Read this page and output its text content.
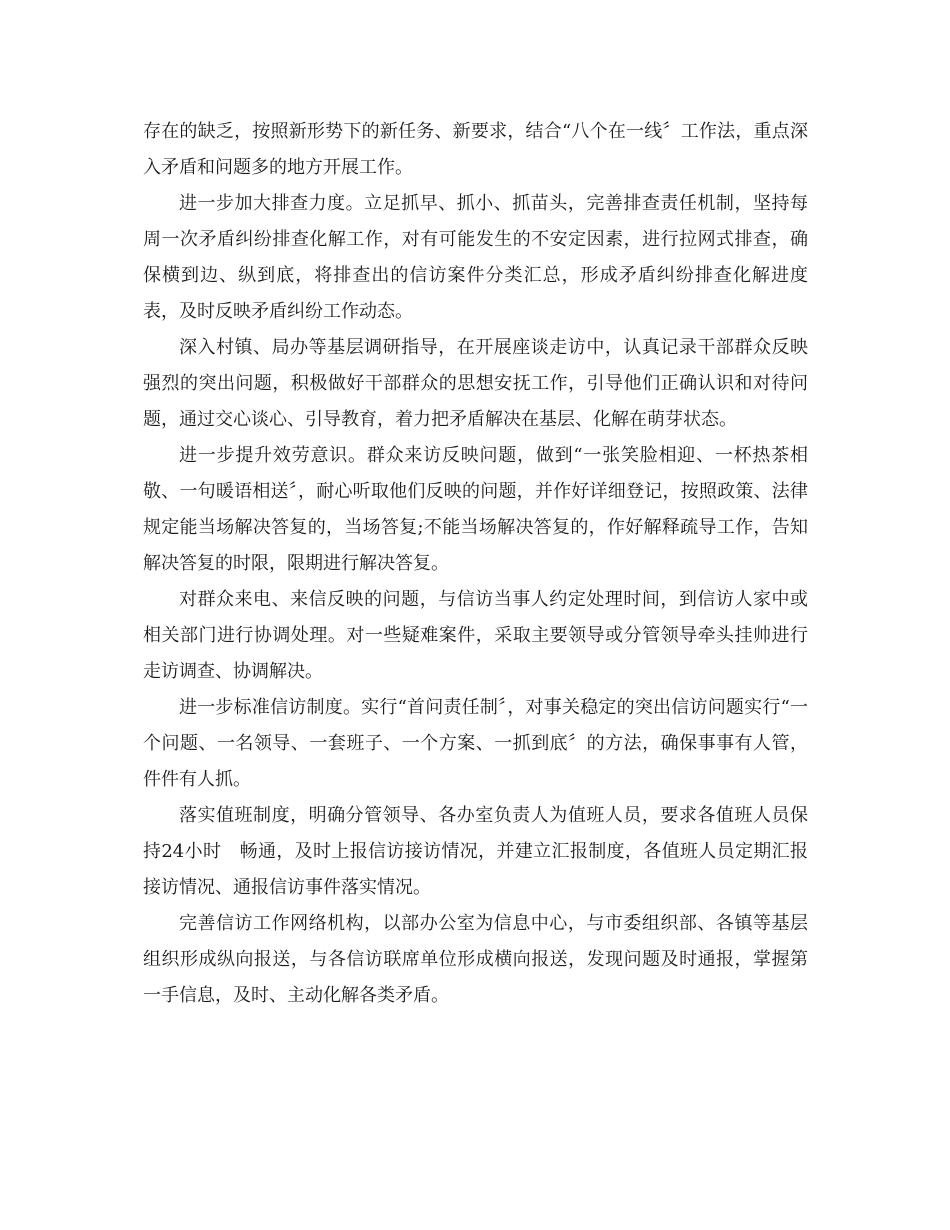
存在的缺乏，按照新形势下的新任务、新要求，结合“八个在一线〞工作法，重点深入矛盾和问题多的地方开展工作。

进一步加大排查力度。立足抓早、抓小、抓苗头，完善排查责任机制，坚持每周一次矛盾纠纷排查化解工作，对有可能发生的不安定因素，进行拉网式排查，确保横到边、纵到底，将排查出的信访案件分类汇总，形成矛盾纠纷排查化解进度表，及时反映矛盾纠纷工作动态。

深入村镇、局办等基层调研指导，在开展座谈走访中，认真记录干部群众反映强烈的突出问题，积极做好干部群众的思想安抚工作，引导他们正确认识和对待问题，通过交心谈心、引导教育，着力把矛盾解决在基层、化解在萌芽状态。

进一步提升效劳意识。群众来访反映问题，做到“一张笑脸相迎、一杯热茶相敬、一句暖语相送〞，耐心听取他们反映的问题，并作好详细登记，按照政策、法律规定能当场解决答复的，当场答复;不能当场解决答复的，作好解释疏导工作，告知解决答复的时限，限期进行解决答复。

对群众来电、来信反映的问题，与信访当事人约定处理时间，到信访人家中或相关部门进行协调处理。对一些疑难案件，采取主要领导或分管领导牵头挂帅进行走访调查、协调解决。

进一步标准信访制度。实行“首问责任制〞，对事关稳定的突出信访问题实行“一个问题、一名领导、一套班子、一个方案、一抓到底〞的方法，确保事事有人管，件件有人抓。

落实值班制度，明确分管领导、各办室负责人为值班人员，要求各值班人员保持24小时　畅通，及时上报信访接访情况，并建立汇报制度，各值班人员定期汇报接访情况、通报信访事件落实情况。

完善信访工作网络机构，以部办公室为信息中心，与市委组织部、各镇等基层组织形成纵向报送，与各信访联席单位形成横向报送，发现问题及时通报，掌握第一手信息，及时、主动化解各类矛盾。
